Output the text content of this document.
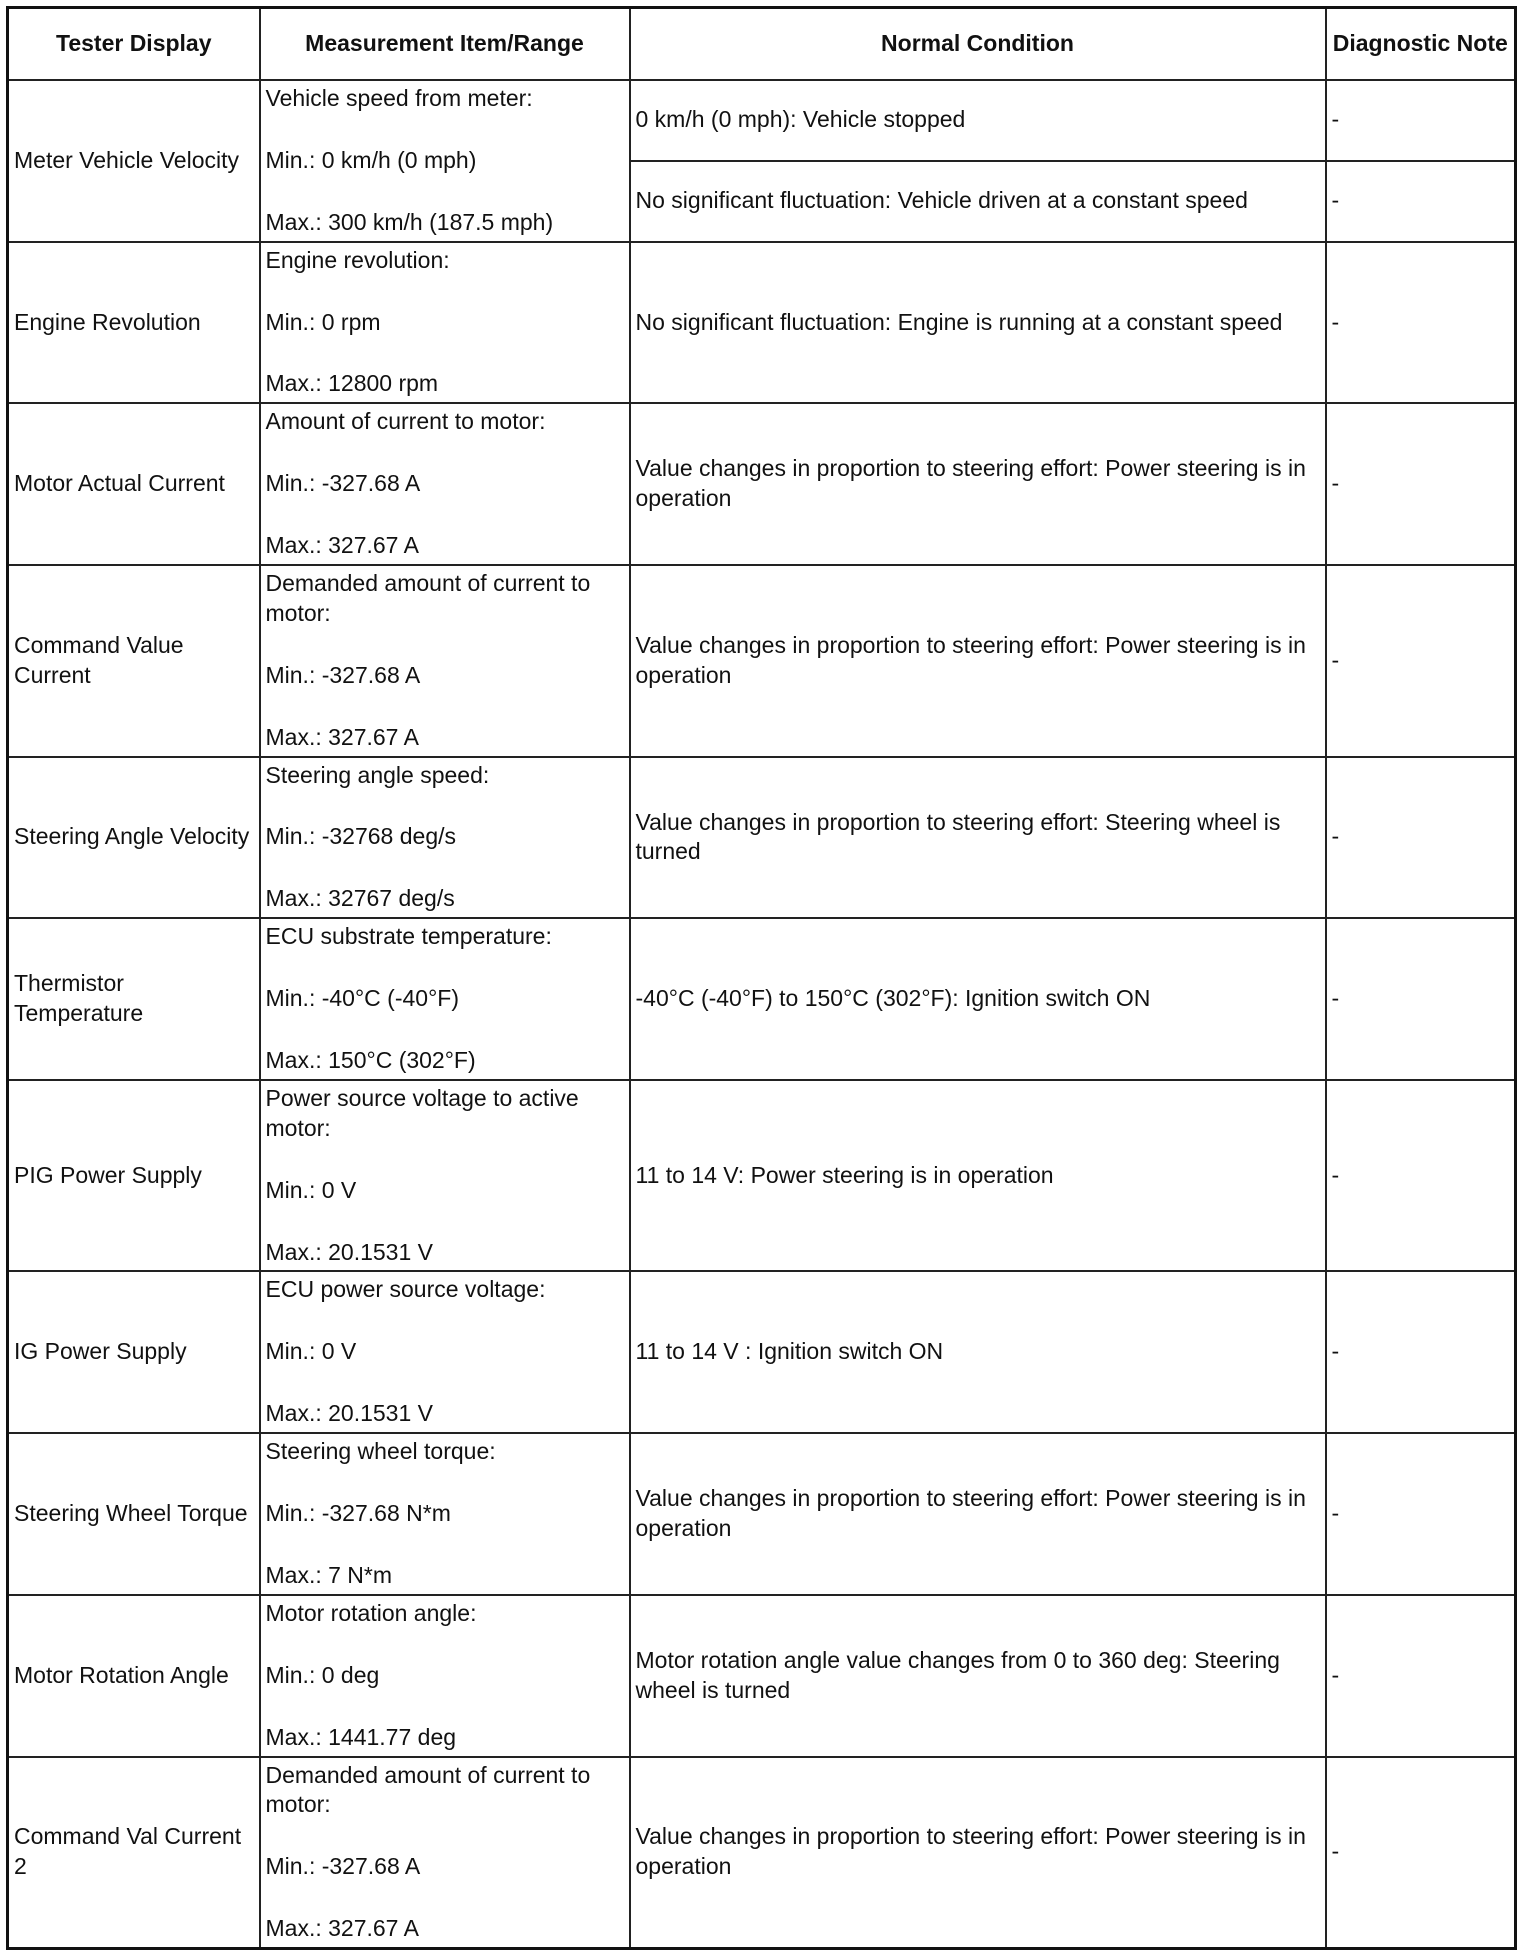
Tester Display	Measurement Item/Range	Normal Condition	Diagnostic Note
Meter Vehicle Velocity	Vehicle speed from meter:
Min.: 0 km/h (0 mph)
Max.: 300 km/h (187.5 mph)	0 km/h (0 mph): Vehicle stopped	-
		No significant fluctuation: Vehicle driven at a constant speed	-
Engine Revolution	Engine revolution:
Min.: 0 rpm
Max.: 12800 rpm	No significant fluctuation: Engine is running at a constant speed	-
Motor Actual Current	Amount of current to motor:
Min.: -327.68 A
Max.: 327.67 A	Value changes in proportion to steering effort: Power steering is in operation	-
Command Value Current	Demanded amount of current to motor:
Min.: -327.68 A
Max.: 327.67 A	Value changes in proportion to steering effort: Power steering is in operation	-
Steering Angle Velocity	Steering angle speed:
Min.: -32768 deg/s
Max.: 32767 deg/s	Value changes in proportion to steering effort: Steering wheel is turned	-
Thermistor Temperature	ECU substrate temperature:
Min.: -40°C (-40°F)
Max.: 150°C (302°F)	-40°C (-40°F) to 150°C (302°F): Ignition switch ON	-
PIG Power Supply	Power source voltage to active motor:
Min.: 0 V
Max.: 20.1531 V	11 to 14 V: Power steering is in operation	-
IG Power Supply	ECU power source voltage:
Min.: 0 V
Max.: 20.1531 V	11 to 14 V : Ignition switch ON	-
Steering Wheel Torque	Steering wheel torque:
Min.: -327.68 N*m
Max.: 7 N*m	Value changes in proportion to steering effort: Power steering is in operation	-
Motor Rotation Angle	Motor rotation angle:
Min.: 0 deg
Max.: 1441.77 deg	Motor rotation angle value changes from 0 to 360 deg: Steering wheel is turned	-
Command Val Current 2	Demanded amount of current to motor:
Min.: -327.68 A
Max.: 327.67 A	Value changes in proportion to steering effort: Power steering is in operation	-
